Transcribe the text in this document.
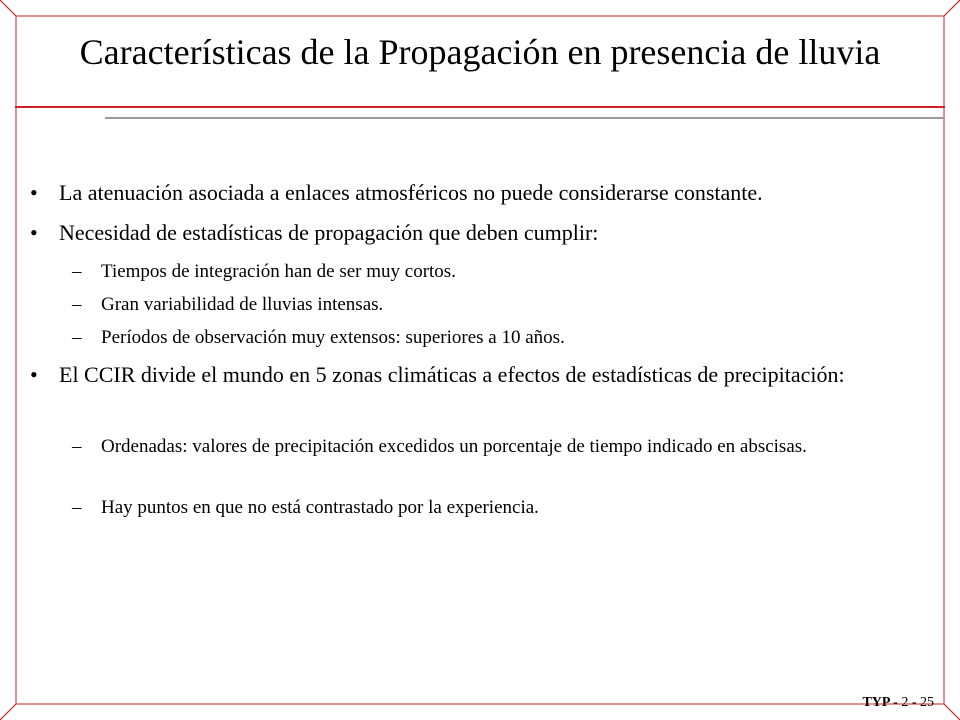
Características de la Propagación en presencia de lluvia
• La atenuación asociada a enlaces atmosféricos no puede considerarse constante.
• Necesidad de estadísticas de propagación que deben cumplir:
– Tiempos de integración han de ser muy cortos.
– Gran variabilidad de lluvias intensas.
– Períodos de observación muy extensos: superiores a 10 años.
• El CCIR divide el mundo en 5 zonas climáticas a efectos de estadísticas de precipitación:
– Ordenadas: valores de precipitación excedidos un porcentaje de tiempo indicado en abscisas.
– Hay puntos en que no está contrastado por la experiencia.
TYP - 2 - 25
